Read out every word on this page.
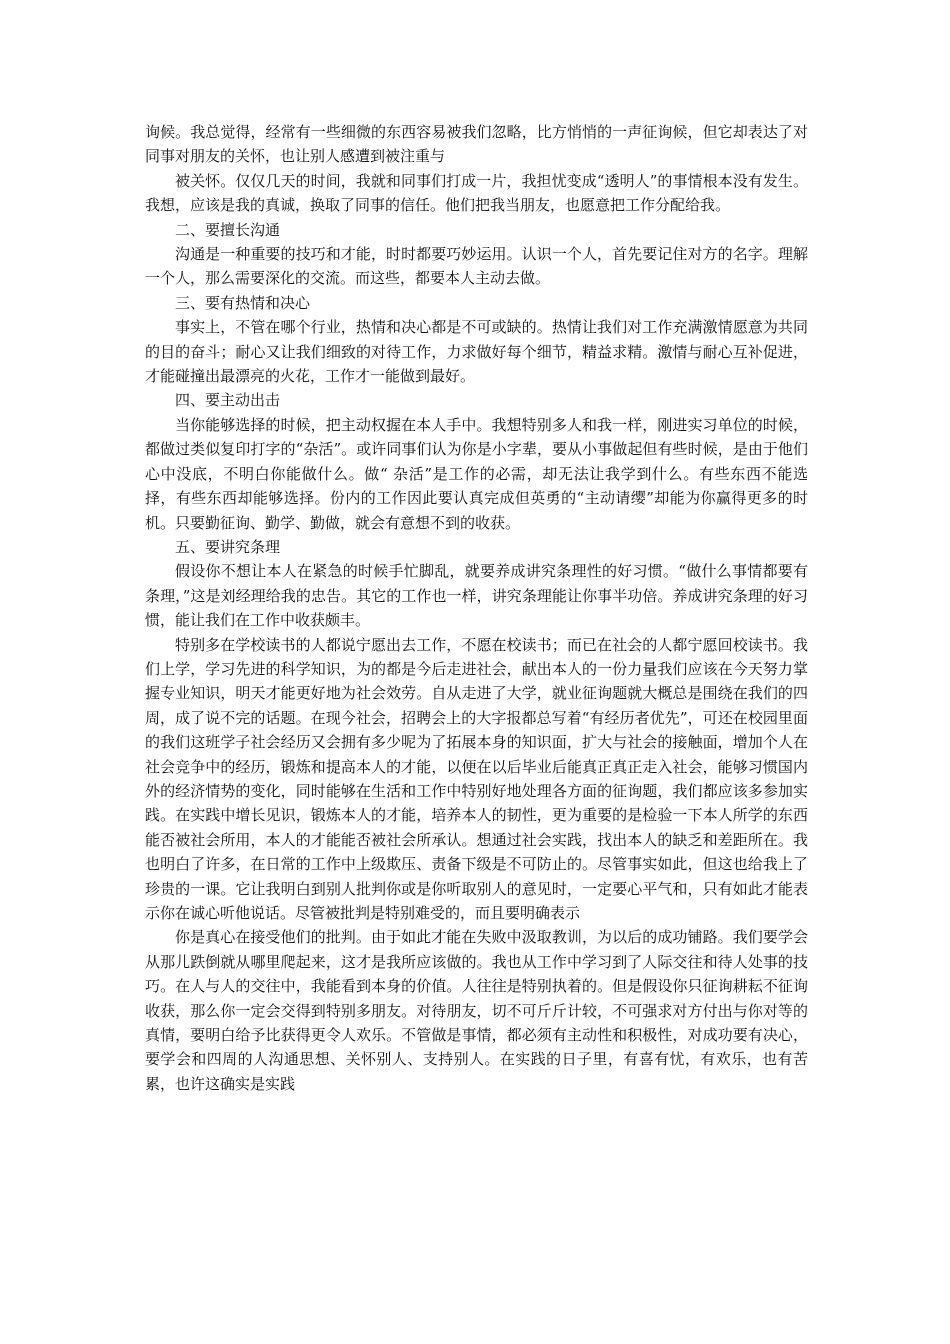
询候。我总觉得，经常有一些细微的东西容易被我们忽略，比方悄悄的一声征询候，但它却表达了对同事对朋友的关怀，也让别人感遭到被注重与

被关怀。仅仅几天的时间，我就和同事们打成一片，我担忧变成“透明人”的事情根本没有发生。我想，应该是我的真诚，换取了同事的信任。他们把我当朋友，也愿意把工作分配给我。

二、要擅长沟通

沟通是一种重要的技巧和才能，时时都要巧妙运用。认识一个人，首先要记住对方的名字。理解一个人，那么需要深化的交流。而这些，都要本人主动去做。

三、要有热情和决心

事实上，不管在哪个行业，热情和决心都是不可或缺的。热情让我们对工作充满激情愿意为共同的目的奋斗；耐心又让我们细致的对待工作，力求做好每个细节，精益求精。激情与耐心互补促进，才能碰撞出最漂亮的火花，工作才一能做到最好。

四、要主动出击

当你能够选择的时候，把主动权握在本人手中。我想特别多人和我一样，刚进实习单位的时候，都做过类似复印打字的“杂活”。或许同事们认为你是小字辈，要从小事做起但有些时候，是由于他们心中没底，不明白你能做什么。做“ 杂活”是工作的必需，却无法让我学到什么。有些东西不能选择，有些东西却能够选择。份内的工作因此要认真完成但英勇的“主动请缨”却能为你赢得更多的时机。只要勤征询、勤学、勤做，就会有意想不到的收获。

五、要讲究条理

假设你不想让本人在紧急的时候手忙脚乱，就要养成讲究条理性的好习惯。“做什么事情都要有条理，”这是刘经理给我的忠告。其它的工作也一样，讲究条理能让你事半功倍。养成讲究条理的好习惯，能让我们在工作中收获颇丰。

特别多在学校读书的人都说宁愿出去工作，不愿在校读书；而已在社会的人都宁愿回校读书。我们上学，学习先进的科学知识，为的都是今后走进社会，献出本人的一份力量我们应该在今天努力掌握专业知识，明天才能更好地为社会效劳。自从走进了大学，就业征询题就大概总是围绕在我们的四周，成了说不完的话题。在现今社会，招聘会上的大字报都总写着“有经历者优先”，可还在校园里面的我们这班学子社会经历又会拥有多少呢为了拓展本身的知识面，扩大与社会的接触面，增加个人在社会竞争中的经历，锻炼和提高本人的才能，以便在以后毕业后能真正真正走入社会，能够习惯国内外的经济情势的变化，同时能够在生活和工作中特别好地处理各方面的征询题，我们都应该多参加实践。在实践中增长见识，锻炼本人的才能，培养本人的韧性，更为重要的是检验一下本人所学的东西能否被社会所用，本人的才能能否被社会所承认。想通过社会实践，找出本人的缺乏和差距所在。我也明白了许多，在日常的工作中上级欺压、责备下级是不可防止的。尽管事实如此，但这也给我上了珍贵的一课。它让我明白到别人批判你或是你听取别人的意见时，一定要心平气和，只有如此才能表示你在诚心听他说话。尽管被批判是特别难受的，而且要明确表示

你是真心在接受他们的批判。由于如此才能在失败中汲取教训，为以后的成功铺路。我们要学会从那儿跌倒就从哪里爬起来，这才是我所应该做的。我也从工作中学习到了人际交往和待人处事的技巧。在人与人的交往中，我能看到本身的价值。人往往是特别执着的。但是假设你只征询耕耘不征询收获，那么你一定会交得到特别多朋友。对待朋友，切不可斤斤计较，不可强求对方付出与你对等的真情，要明白给予比获得更令人欢乐。不管做是事情，都必须有主动性和积极性，对成功要有决心，要学会和四周的人沟通思想、关怀别人、支持别人。在实践的日子里，有喜有忧，有欢乐，也有苦累，也许这确实是实践
